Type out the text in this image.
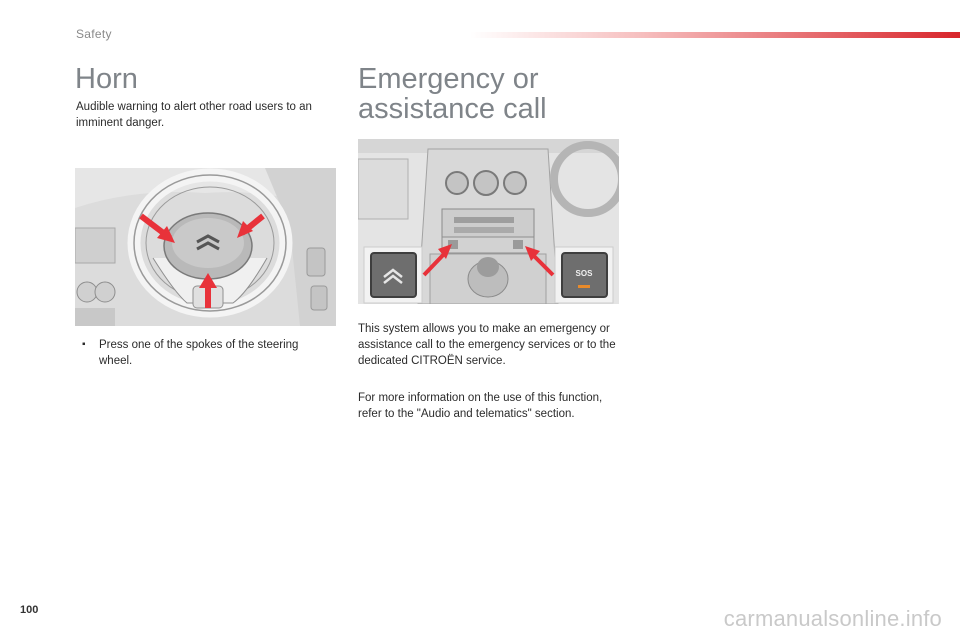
Safety
Horn

Audible warning to alert other road users to an imminent danger.

▪	Press one of the spokes of the steering wheel.
Emergency or assistance call
SOS

This system allows you to make an emergency or assistance call to the emergency services or to the dedicated CITROËN service.

For more information on the use of this function, refer to the "Audio and telematics" section.

100	carmanualsonline.info
